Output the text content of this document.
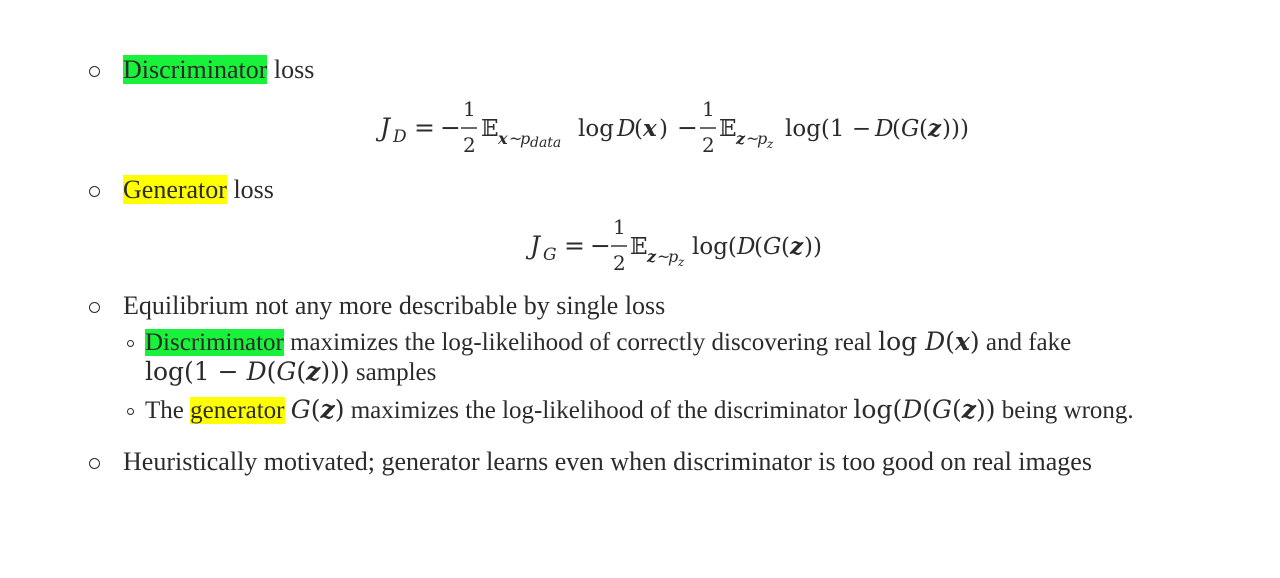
Discriminator loss
J D = −
1
2
𝔼 x ~
p data
log D
( x ) −
1
2
𝔼 z ~
p z
log(1 − D
( G ( z )))
Generator loss
J G = −
1
2
𝔼 z ~
p z
log( D
( G ( z ))
Equilibrium not any more describable by single loss
Discriminator maximizes the log-likelihood of correctly discovering real log D(x) and fake
log(1 − D(G(z))) samples
The generator G(z) maximizes the log-likelihood of the discriminator log(D(G(z)) being wrong.
Heuristically motivated; generator learns even when discriminator is too good on real images
